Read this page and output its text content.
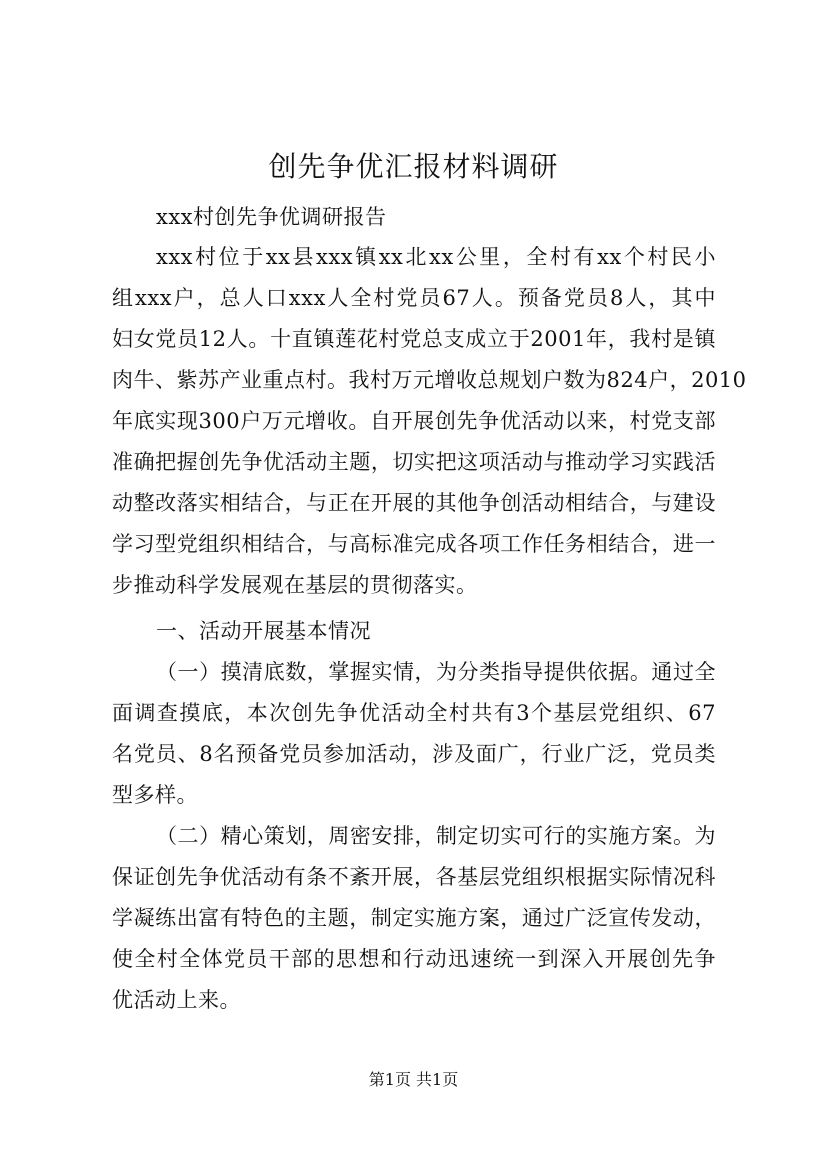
创先争优汇报材料调研
xxx村创先争优调研报告
xxx村位于xx县xxx镇xx北xx公里，全村有xx个村民小
组xxx户，总人口xxx人全村党员67人。预备党员8人，其中
妇女党员12人。十直镇莲花村党总支成立于2001年，我村是镇
肉牛、紫苏产业重点村。我村万元增收总规划户数为824户，2010
年底实现300户万元增收。自开展创先争优活动以来，村党支部
准确把握创先争优活动主题，切实把这项活动与推动学习实践活
动整改落实相结合，与正在开展的其他争创活动相结合，与建设
学习型党组织相结合，与高标准完成各项工作任务相结合，进一
步推动科学发展观在基层的贯彻落实。
一、活动开展基本情况
（一）摸清底数，掌握实情，为分类指导提供依据。通过全
面调查摸底，本次创先争优活动全村共有3个基层党组织、67
名党员、8名预备党员参加活动，涉及面广，行业广泛，党员类
型多样。
（二）精心策划，周密安排，制定切实可行的实施方案。为
保证创先争优活动有条不紊开展，各基层党组织根据实际情况科
学凝练出富有特色的主题，制定实施方案，通过广泛宣传发动，
使全村全体党员干部的思想和行动迅速统一到深入开展创先争
优活动上来。
第1页 共1页
